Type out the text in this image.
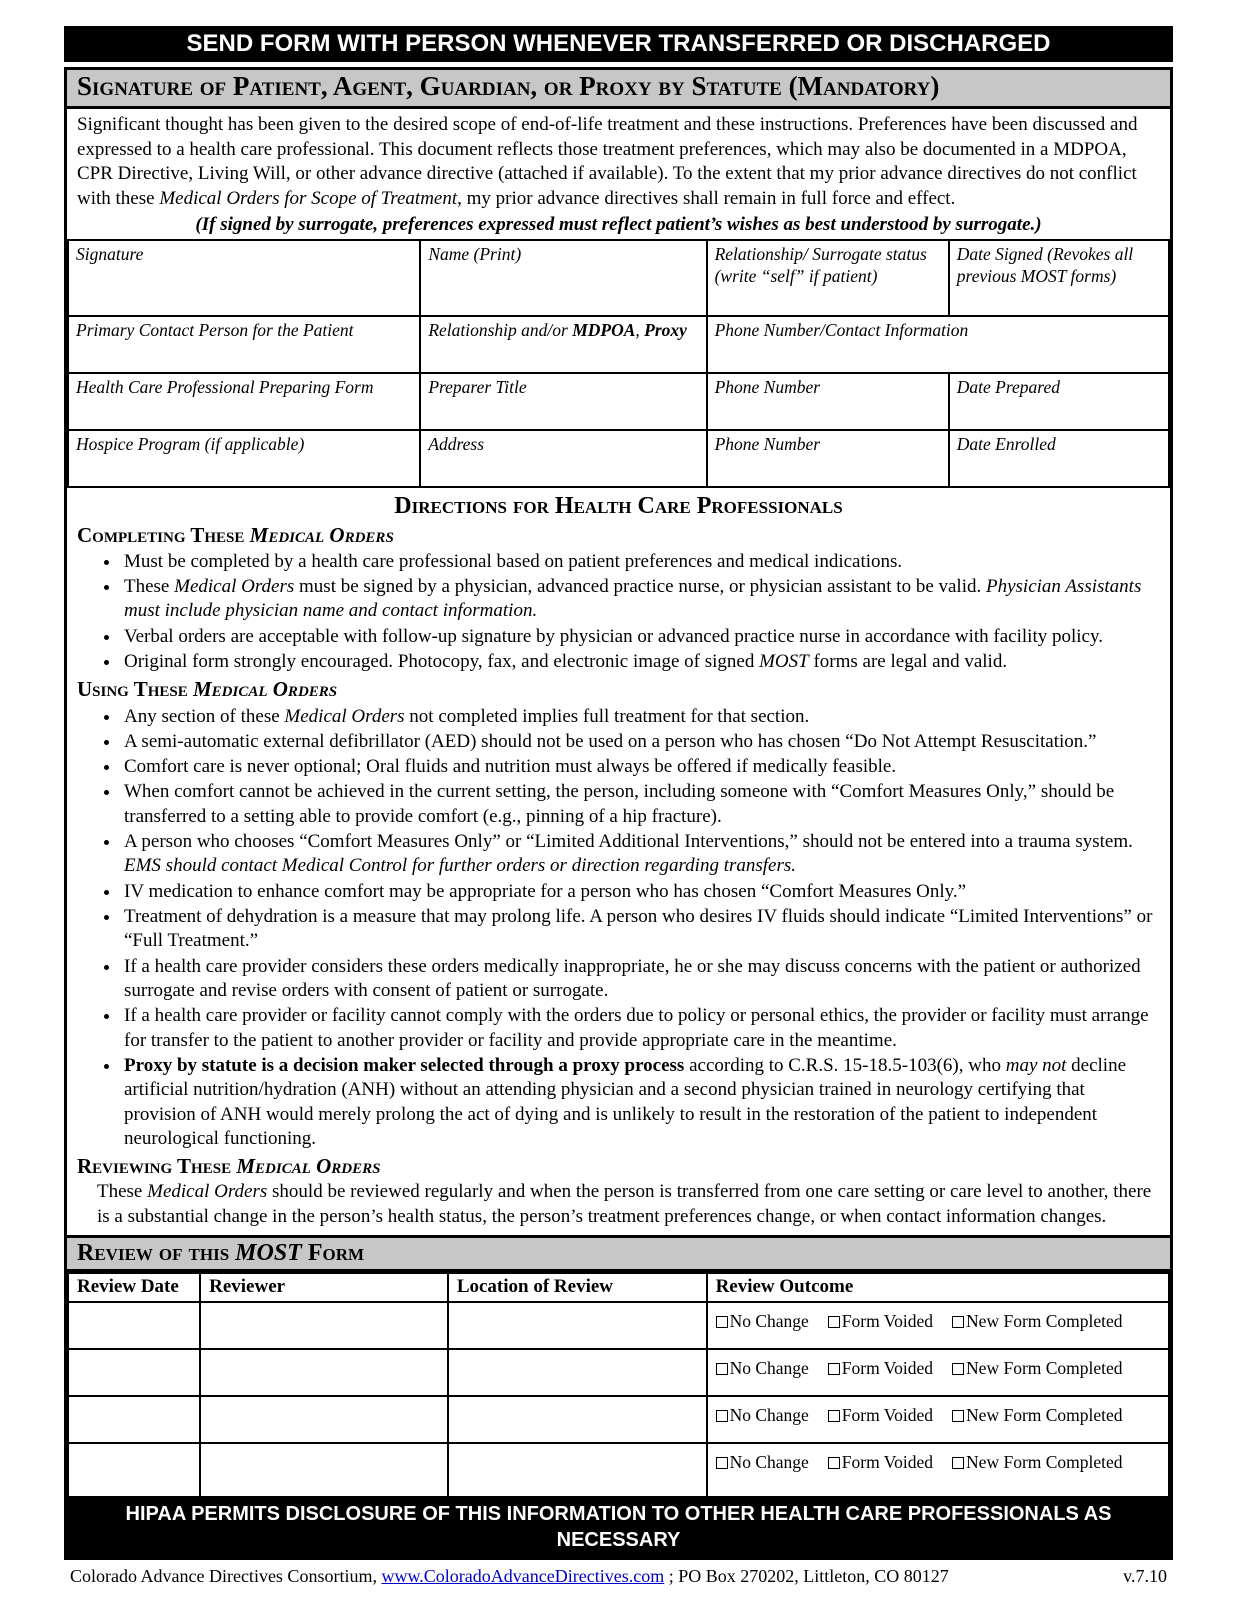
SEND FORM WITH PERSON WHENEVER TRANSFERRED OR DISCHARGED
Signature of Patient, Agent, Guardian, or Proxy by Statute (Mandatory)
Significant thought has been given to the desired scope of end-of-life treatment and these instructions. Preferences have been discussed and expressed to a health care professional. This document reflects those treatment preferences, which may also be documented in a MDPOA, CPR Directive, Living Will, or other advance directive (attached if available). To the extent that my prior advance directives do not conflict with these Medical Orders for Scope of Treatment, my prior advance directives shall remain in full force and effect.
(If signed by surrogate, preferences expressed must reflect patient’s wishes as best understood by surrogate.)
Signature	Name (Print)	Relationship/ Surrogate status (write “self” if patient)	Date Signed (Revokes all previous MOST forms)
Primary Contact Person for the Patient	Relationship and/or MDPOA, Proxy	Phone Number/Contact Information	
Health Care Professional Preparing Form	Preparer Title	Phone Number	Date Prepared
Hospice Program (if applicable)	Address	Phone Number	Date Enrolled
Directions for Health Care Professionals
Completing These Medical Orders
• Must be completed by a health care professional based on patient preferences and medical indications.
• These Medical Orders must be signed by a physician, advanced practice nurse, or physician assistant to be valid. Physician Assistants must include physician name and contact information.
• Verbal orders are acceptable with follow-up signature by physician or advanced practice nurse in accordance with facility policy.
• Original form strongly encouraged. Photocopy, fax, and electronic image of signed MOST forms are legal and valid.
Using These Medical Orders
• Any section of these Medical Orders not completed implies full treatment for that section.
• A semi-automatic external defibrillator (AED) should not be used on a person who has chosen “Do Not Attempt Resuscitation.”
• Comfort care is never optional; Oral fluids and nutrition must always be offered if medically feasible.
• When comfort cannot be achieved in the current setting, the person, including someone with “Comfort Measures Only,” should be transferred to a setting able to provide comfort (e.g., pinning of a hip fracture).
• A person who chooses “Comfort Measures Only” or “Limited Additional Interventions,” should not be entered into a trauma system. EMS should contact Medical Control for further orders or direction regarding transfers.
• IV medication to enhance comfort may be appropriate for a person who has chosen “Comfort Measures Only.”
• Treatment of dehydration is a measure that may prolong life. A person who desires IV fluids should indicate “Limited Interventions” or “Full Treatment.”
• If a health care provider considers these orders medically inappropriate, he or she may discuss concerns with the patient or authorized surrogate and revise orders with consent of patient or surrogate.
• If a health care provider or facility cannot comply with the orders due to policy or personal ethics, the provider or facility must arrange for transfer to the patient to another provider or facility and provide appropriate care in the meantime.
• Proxy by statute is a decision maker selected through a proxy process according to C.R.S. 15-18.5-103(6), who may not decline artificial nutrition/hydration (ANH) without an attending physician and a second physician trained in neurology certifying that provision of ANH would merely prolong the act of dying and is unlikely to result in the restoration of the patient to independent neurological functioning.
Reviewing These Medical Orders
These Medical Orders should be reviewed regularly and when the person is transferred from one care setting or care level to another, there is a substantial change in the person’s health status, the person’s treatment preferences change, or when contact information changes.
Review of this MOST Form
Review Date	Reviewer	Location of Review	Review Outcome
			No Change Form Voided New Form Completed
			No Change Form Voided New Form Completed
			No Change Form Voided New Form Completed
			No Change Form Voided New Form Completed
HIPAA PERMITS DISCLOSURE OF THIS INFORMATION TO OTHER HEALTH CARE PROFESSIONALS AS NECESSARY
Colorado Advance Directives Consortium, www.ColoradoAdvanceDirectives.com ; PO Box 270202, Littleton, CO 80127	v.7.10
